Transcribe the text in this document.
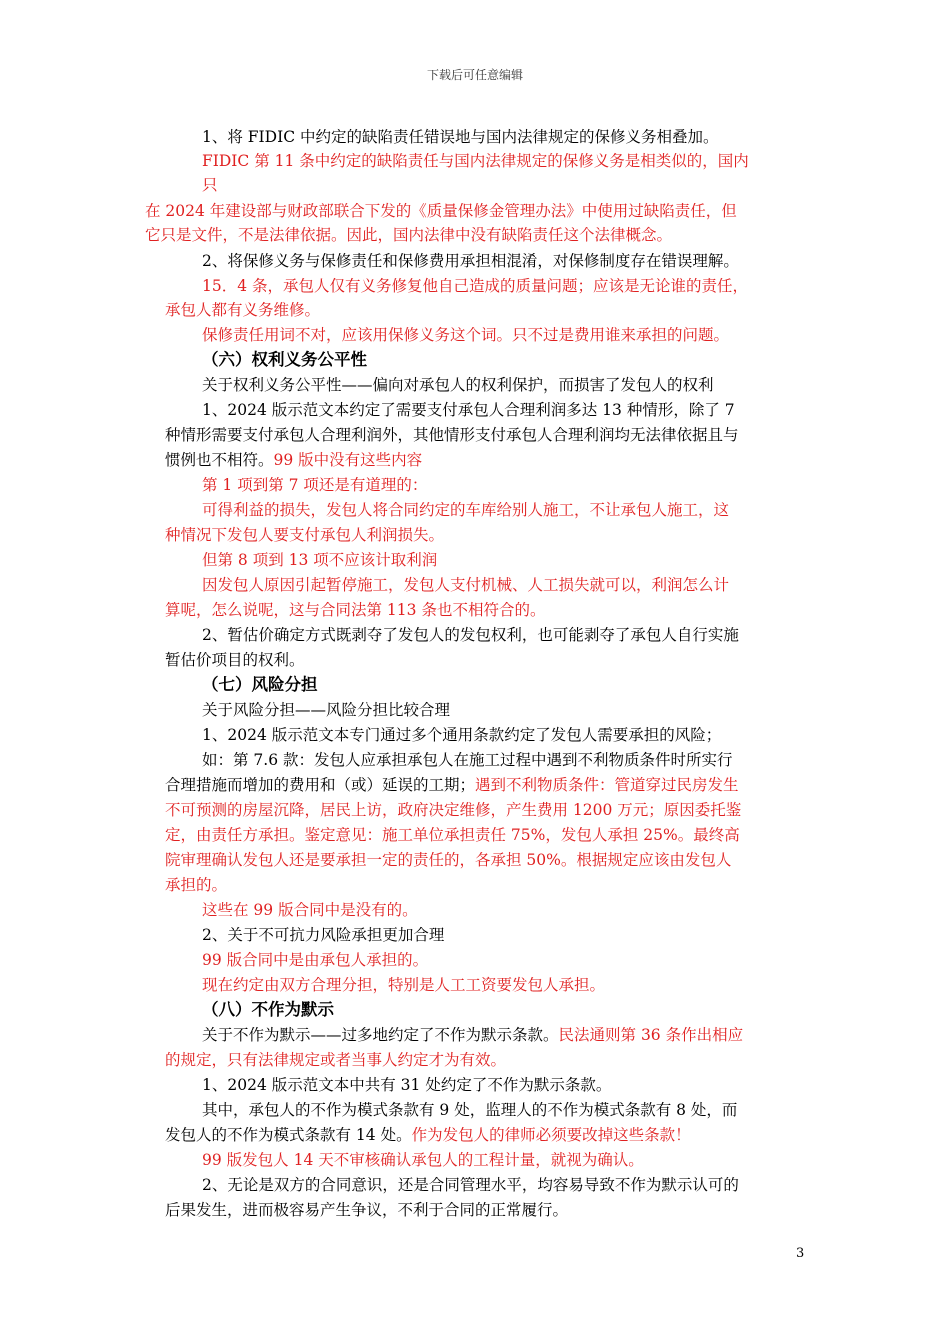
下载后可任意编辑
1、将 FIDIC 中约定的缺陷责任错误地与国内法律规定的保修义务相叠加。
FIDIC 第 11 条中约定的缺陷责任与国内法律规定的保修义务是相类似的，国内
只
在 2024 年建设部与财政部联合下发的《质量保修金管理办法》中使用过缺陷责任，但
它只是文件，不是法律依据。因此，国内法律中没有缺陷责任这个法律概念。
2、将保修义务与保修责任和保修费用承担相混淆，对保修制度存在错误理解。
15．4 条，承包人仅有义务修复他自己造成的质量问题；应该是无论谁的责任，
承包人都有义务维修。
保修责任用词不对，应该用保修义务这个词。只不过是费用谁来承担的问题。
（六）权利义务公平性
关于权利义务公平性——偏向对承包人的权利保护，而损害了发包人的权利
1、2024 版示范文本约定了需要支付承包人合理利润多达 13 种情形，除了 7
种情形需要支付承包人合理利润外，其他情形支付承包人合理利润均无法律依据且与
惯例也不相符。99 版中没有这些内容
第 1 项到第 7 项还是有道理的：
可得利益的损失，发包人将合同约定的车库给别人施工，不让承包人施工，这
种情况下发包人要支付承包人利润损失。
但第 8 项到 13 项不应该计取利润
因发包人原因引起暂停施工，发包人支付机械、人工损失就可以，利润怎么计
算呢，怎么说呢，这与合同法第 113 条也不相符合的。
2、暂估价确定方式既剥夺了发包人的发包权利，也可能剥夺了承包人自行实施
暂估价项目的权利。
（七）风险分担
关于风险分担——风险分担比较合理
1、2024 版示范文本专门通过多个通用条款约定了发包人需要承担的风险；
如：第 7.6 款：发包人应承担承包人在施工过程中遇到不利物质条件时所实行
合理措施而增加的费用和（或）延误的工期；遇到不利物质条件：管道穿过民房发生
不可预测的房屋沉降，居民上访，政府决定维修，产生费用 1200 万元；原因委托鉴
定，由责任方承担。鉴定意见：施工单位承担责任 75%，发包人承担 25%。最终高
院审理确认发包人还是要承担一定的责任的，各承担 50%。根据规定应该由发包人
承担的。
这些在 99 版合同中是没有的。
2、关于不可抗力风险承担更加合理
99 版合同中是由承包人承担的。
现在约定由双方合理分担，特别是人工工资要发包人承担。
（八）不作为默示
关于不作为默示——过多地约定了不作为默示条款。民法通则第 36 条作出相应
的规定，只有法律规定或者当事人约定才为有效。
1、2024 版示范文本中共有 31 处约定了不作为默示条款。
其中，承包人的不作为模式条款有 9 处，监理人的不作为模式条款有 8 处，而
发包人的不作为模式条款有 14 处。作为发包人的律师必须要改掉这些条款！
99 版发包人 14 天不审核确认承包人的工程计量，就视为确认。
2、无论是双方的合同意识，还是合同管理水平，均容易导致不作为默示认可的
后果发生，进而极容易产生争议，不利于合同的正常履行。
3
